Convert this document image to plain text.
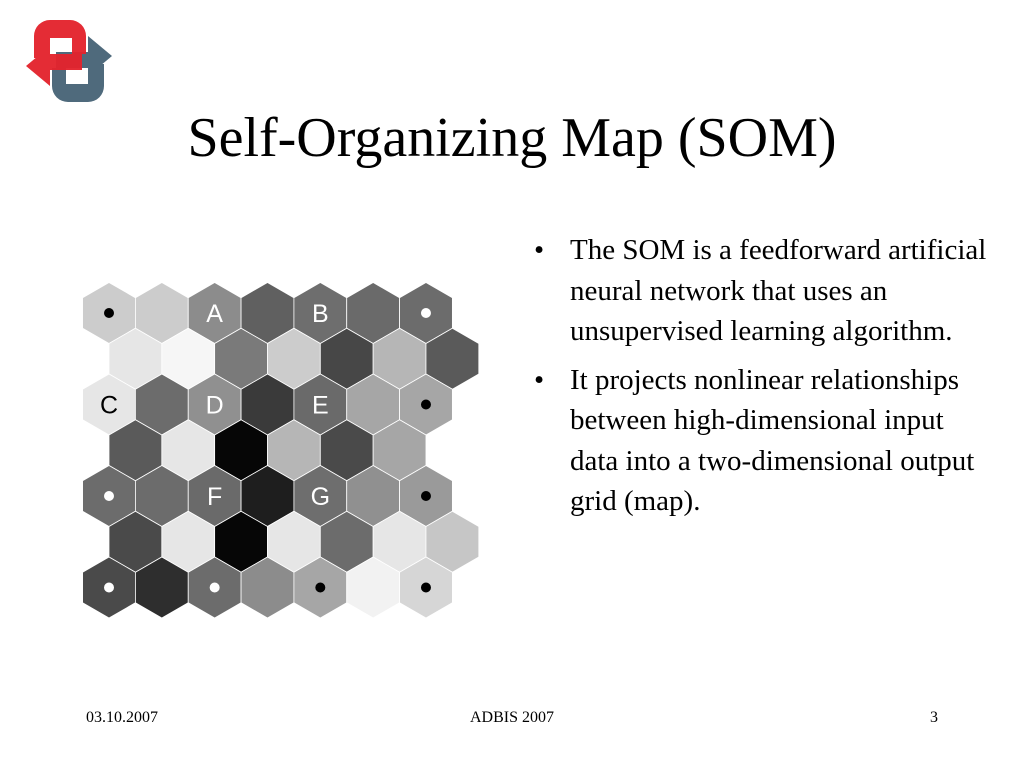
Self-Organizing Map (SOM)
A	B
C	D	E
F	G
• The SOM is a feedforward artificial neural network that uses an unsupervised learning algorithm.
• It projects nonlinear relationships between high-dimensional input data into a two-dimensional output grid (map).
03.10.2007	ADBIS 2007	3
